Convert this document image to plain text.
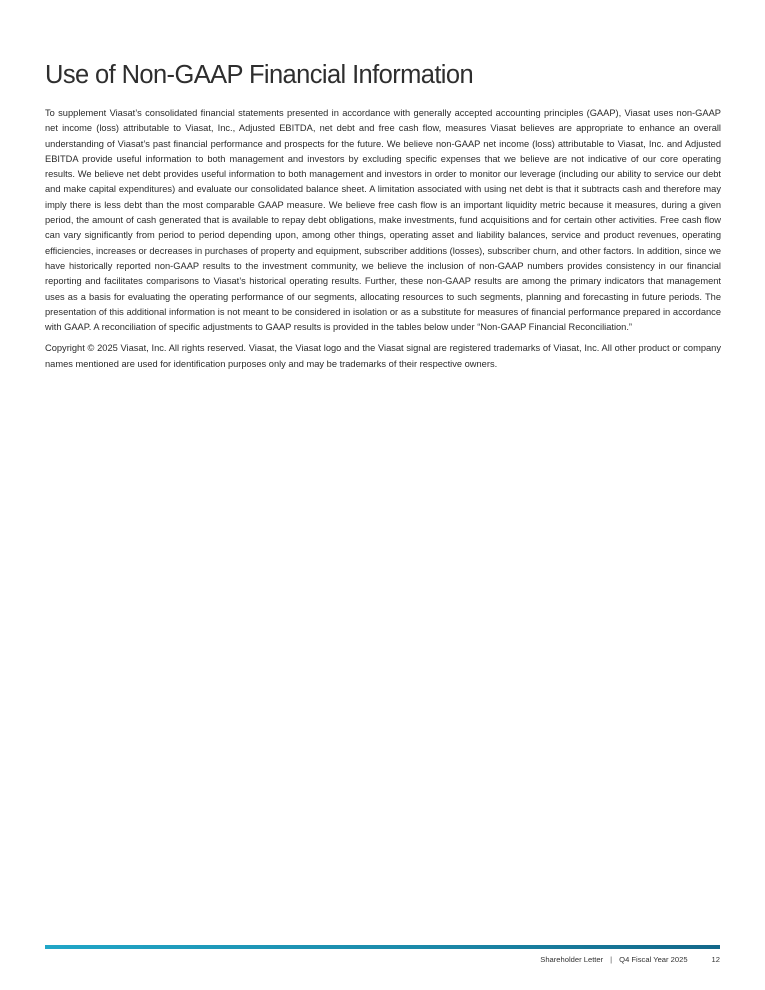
Use of Non-GAAP Financial Information

To supplement Viasat’s consolidated financial statements presented in accordance with generally accepted accounting principles (GAAP), Viasat uses non-GAAP net income (loss) attributable to Viasat, Inc., Adjusted EBITDA, net debt and free cash flow, measures Viasat believes are appropriate to enhance an overall understanding of Viasat’s past financial performance and prospects for the future. We believe non-GAAP net income (loss) attributable to Viasat, Inc. and Adjusted EBITDA provide useful information to both management and investors by excluding specific expenses that we believe are not indicative of our core operating results. We believe net debt provides useful information to both management and investors in order to monitor our leverage (including our ability to service our debt and make capital expenditures) and evaluate our consolidated balance sheet. A limitation associated with using net debt is that it subtracts cash and therefore may imply there is less debt than the most comparable GAAP measure. We believe free cash flow is an important liquidity metric because it measures, during a given period, the amount of cash generated that is available to repay debt obligations, make investments, fund acquisitions and for certain other activities. Free cash flow can vary significantly from period to period depending upon, among other things, operating asset and liability balances, service and product revenues, operating efficiencies, increases or decreases in purchases of property and equipment, subscriber additions (losses), subscriber churn, and other factors. In addition, since we have historically reported non-GAAP results to the investment community, we believe the inclusion of non-GAAP numbers provides consistency in our financial reporting and facilitates comparisons to Viasat’s historical operating results. Further, these non-GAAP results are among the primary indicators that management uses as a basis for evaluating the operating performance of our segments, allocating resources to such segments, planning and forecasting in future periods. The presentation of this additional information is not meant to be considered in isolation or as a substitute for measures of financial performance prepared in accordance with GAAP. A reconciliation of specific adjustments to GAAP results is provided in the tables below under “Non-GAAP Financial Reconciliation.”

Copyright © 2025 Viasat, Inc. All rights reserved. Viasat, the Viasat logo and the Viasat signal are registered trademarks of Viasat, Inc. All other product or company names mentioned are used for identification purposes only and may be trademarks of their respective owners.

Shareholder Letter | Q4 Fiscal Year 2025	12
